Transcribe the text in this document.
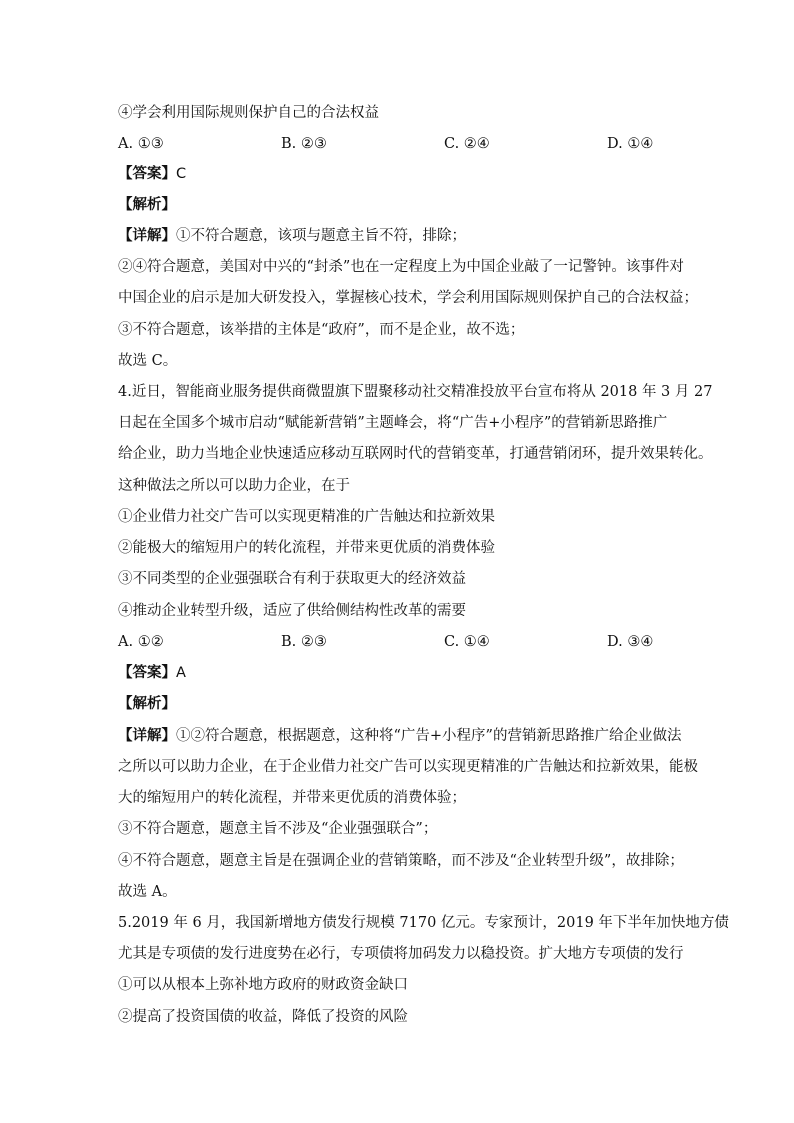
④学会利用国际规则保护自己的合法权益
A. ①③	B. ②③	C. ②④	D. ①④
【答案】C
【解析】
【详解】①不符合题意，该项与题意主旨不符，排除；
②④符合题意，美国对中兴的“封杀”也在一定程度上为中国企业敲了一记警钟。该事件对
中国企业的启示是加大研发投入，掌握核心技术，学会利用国际规则保护自己的合法权益；
③不符合题意，该举措的主体是“政府”，而不是企业，故不选；
故选 C。
4.近日，智能商业服务提供商微盟旗下盟聚移动社交精准投放平台宣布将从 2018 年 3 月 27
日起在全国多个城市启动“赋能新营销”主题峰会，将“广告+小程序”的营销新思路推广
给企业，助力当地企业快速适应移动互联网时代的营销变革，打通营销闭环，提升效果转化。
这种做法之所以可以助力企业，在于
①企业借力社交广告可以实现更精准的广告触达和拉新效果
②能极大的缩短用户的转化流程，并带来更优质的消费体验
③不同类型的企业强强联合有利于获取更大的经济效益
④推动企业转型升级，适应了供给侧结构性改革的需要
A. ①②	B. ②③	C. ①④	D. ③④
【答案】A
【解析】
【详解】①②符合题意，根据题意，这种将“广告+小程序”的营销新思路推广给企业做法
之所以可以助力企业，在于企业借力社交广告可以实现更精准的广告触达和拉新效果，能极
大的缩短用户的转化流程，并带来更优质的消费体验；
③不符合题意，题意主旨不涉及“企业强强联合”；
④不符合题意，题意主旨是在强调企业的营销策略，而不涉及“企业转型升级”，故排除；
故选 A。
5.2019 年 6 月，我国新增地方债发行规模 7170 亿元。专家预计，2019 年下半年加快地方债
尤其是专项债的发行进度势在必行，专项债将加码发力以稳投资。扩大地方专项债的发行
①可以从根本上弥补地方政府的财政资金缺口
②提高了投资国债的收益，降低了投资的风险
